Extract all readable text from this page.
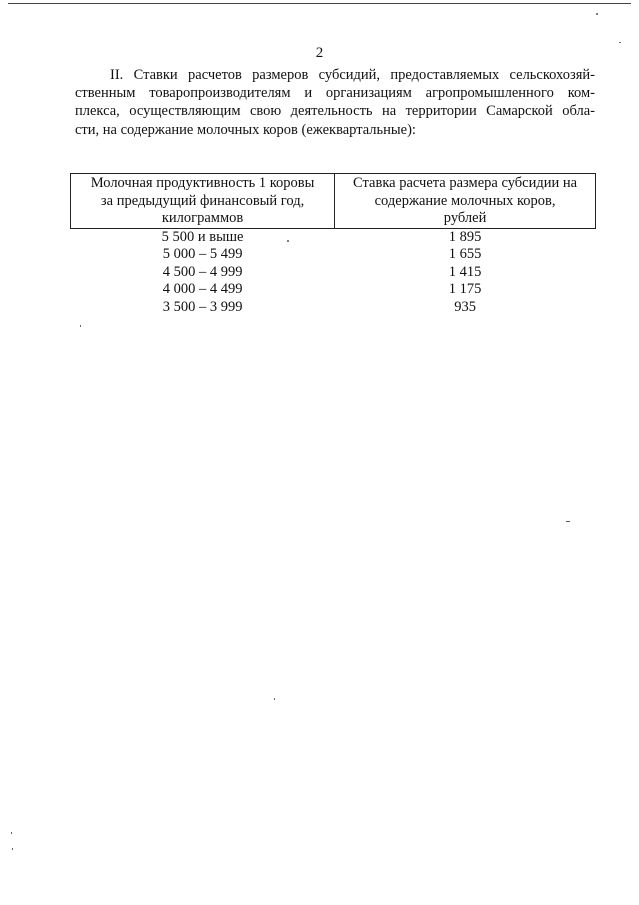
2

II. Ставки расчетов размеров субсидий, предоставляемых сельскохозяй-
ственным товаропроизводителям и организациям агропромышленного ком-
плекса, осуществляющим свою деятельность на территории Самарской обла-
сти, на содержание молочных коров (ежеквартальные):

Молочная продуктивность 1 коровы
за предыдущий финансовый год,
килограммов	Ставка расчета размера субсидии на
содержание молочных коров,
рублей
5 500 и выше	1 895
5 000 – 5 499	1 655
4 500 – 4 999	1 415
4 000 – 4 499	1 175
3 500 – 3 999	935
